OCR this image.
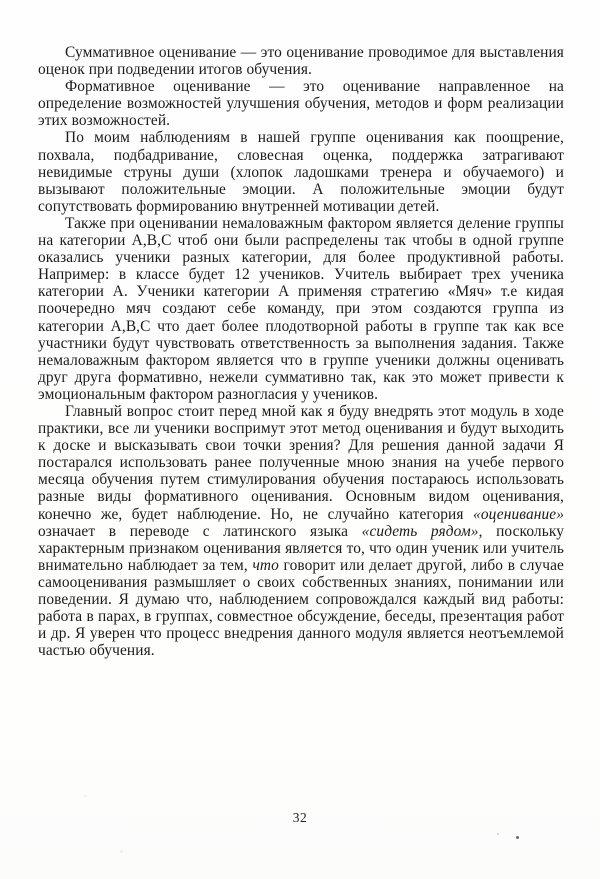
Суммативное оценивание — это оценивание проводимое для выставления оценок при подведении итогов обучения.

Формативное оценивание — это оценивание направленное на определение возможностей улучшения обучения, методов и форм реализации этих возможностей.

По моим наблюдениям в нашей группе оценивания как поощрение, похвала, подбадривание, словесная оценка, поддержка затрагивают невидимые струны души (хлопок ладошками тренера и обучаемого) и вызывают положительные эмоции. А положительные эмоции будут сопутствовать формированию внутренней мотивации детей.

Также при оценивании немаловажным фактором является деление группы на категории А,В,С чтоб они были распределены так чтобы в одной группе оказались ученики разных категории, для более продуктивной работы. Например: в классе будет 12 учеников. Учитель выбирает трех ученика категории А. Ученики категории А применяя стратегию «Мяч» т.е кидая поочередно мяч создают себе команду, при этом создаются группа из категории А,В,С что дает более плодотворной работы в группе так как все участники будут чувствовать ответственность за выполнения задания. Также немаловажным фактором является что в группе ученики должны оценивать друг друга формативно, нежели суммативно так, как это может привести к эмоциональным фактором разногласия у учеников.

Главный вопрос стоит перед мной как я буду внедрять этот модуль в ходе практики, все ли ученики воспримут этот метод оценивания и будут выходить к доске и высказывать свои точки зрения? Для решения данной задачи Я постарался использовать ранее полученные мною знания на учебе первого месяца обучения путем стимулирования обучения постараюсь использовать разные виды формативного оценивания. Основным видом оценивания, конечно же, будет наблюдение. Но, не случайно категория «оценивание» означает в переводе с латинского языка «сидеть рядом», поскольку характерным признаком оценивания является то, что один ученик или учитель внимательно наблюдает за тем, что говорит или делает другой, либо в случае самооценивания размышляет о своих собственных знаниях, понимании или поведении. Я думаю что, наблюдением сопровождался каждый вид работы: работа в парах, в группах, совместное обсуждение, беседы, презентация работ и др. Я уверен что процесс внедрения данного модуля является неотъемлемой частью обучения.

32
